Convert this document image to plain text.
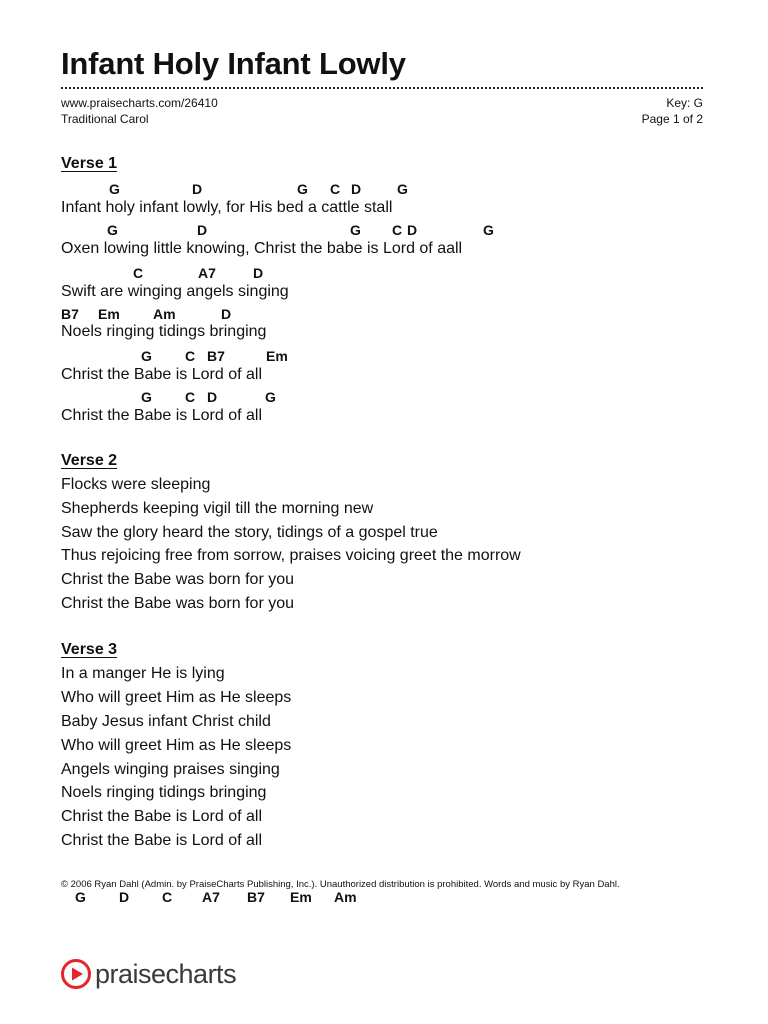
Infant Holy Infant Lowly
www.praisecharts.com/26410
Traditional Carol
Key: G
Page 1 of 2
Verse 1
G	D	G C D	G
Infant holy infant lowly, for His bed a cattle stall
G	D	G C D	G
Oxen lowing little knowing, Christ the babe is Lord of aall
C	A7	D
Swift are winging angels singing
B7 Em Am	D
Noels ringing tidings bringing
G C B7	Em
Christ the Babe is Lord of all
G C D	G
Christ the Babe is Lord of all
Verse 2
Flocks were sleeping
Shepherds keeping vigil till the morning new
Saw the glory heard the story, tidings of a gospel true
Thus rejoicing free from sorrow, praises voicing greet the morrow
Christ the Babe was born for you
Christ the Babe was born for you
Verse 3
In a manger He is lying
Who will greet Him as He sleeps
Baby Jesus infant Christ child
Who will greet Him as He sleeps
Angels winging praises singing
Noels ringing tidings bringing
Christ the Babe is Lord of all
Christ the Babe is Lord of all
© 2006 Ryan Dahl (Admin. by PraiseCharts Publishing, Inc.). Unauthorized distribution is prohibited. Words and music by Ryan Dahl.
G D C A7 B7 Em Am
praisecharts
